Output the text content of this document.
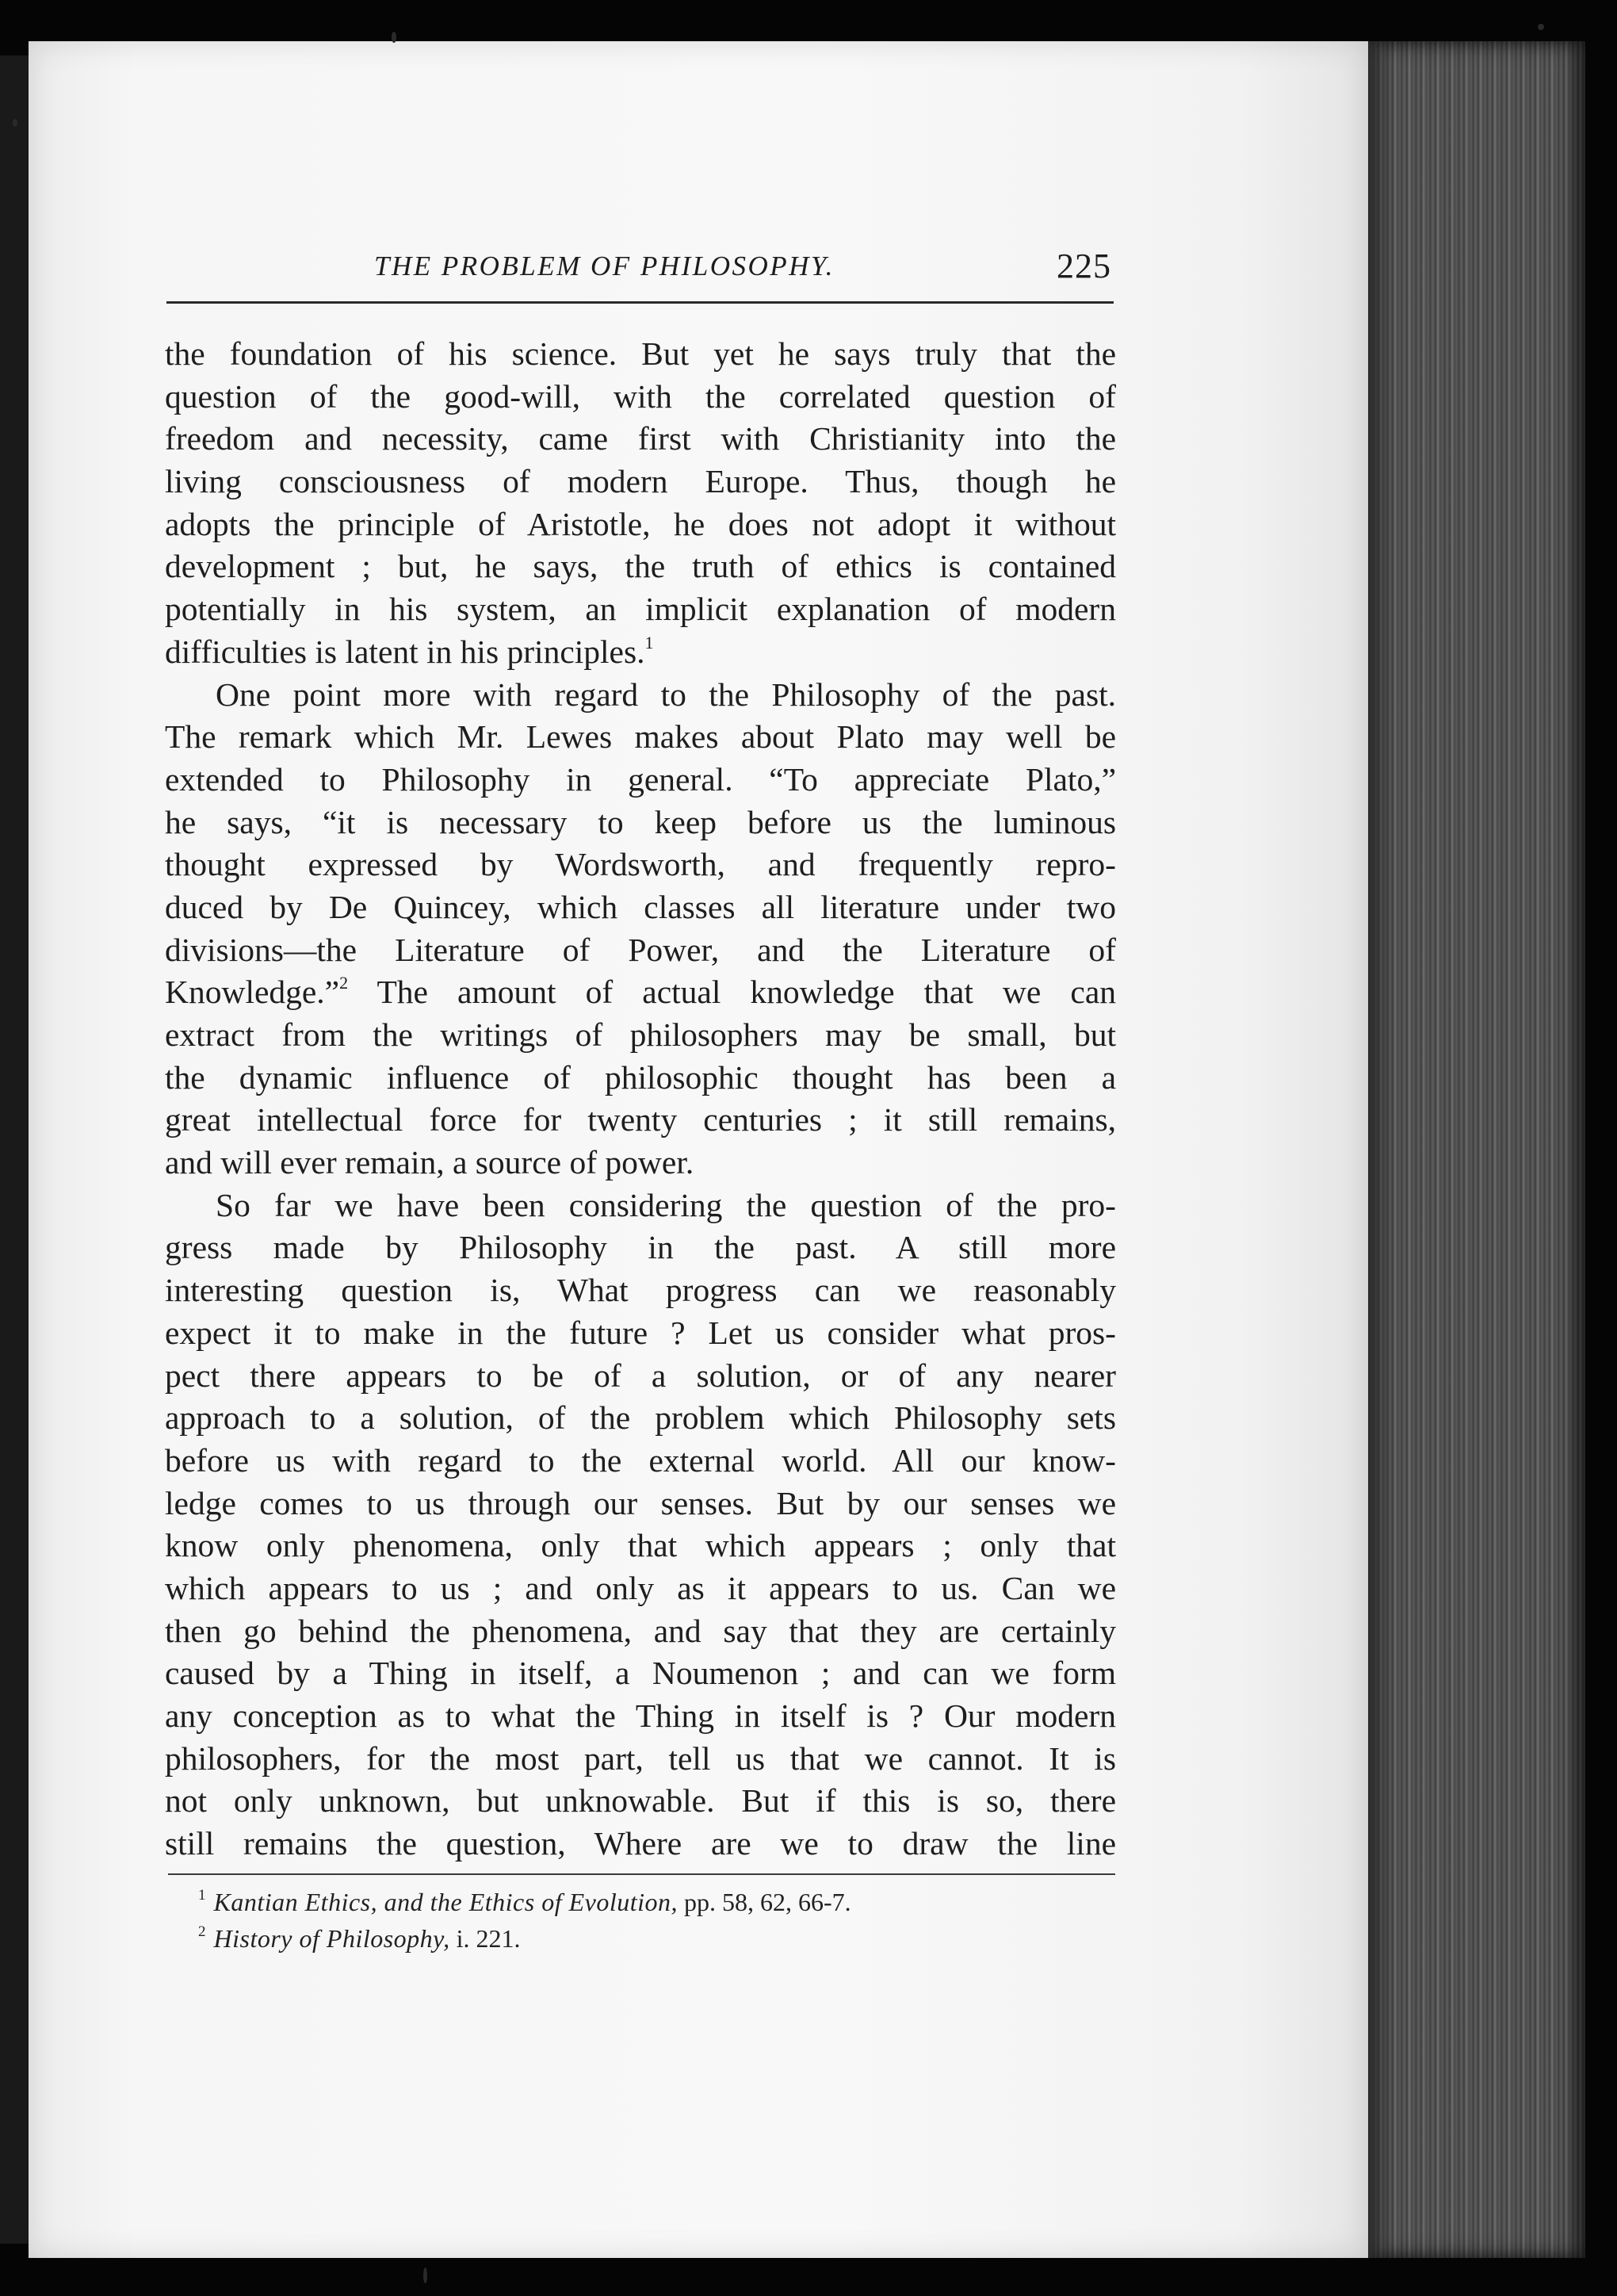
THE PROBLEM OF PHILOSOPHY.	225
the foundation of his science. But yet he says truly that the
question of the good-will, with the correlated question of
freedom and necessity, came first with Christianity into the
living consciousness of modern Europe. Thus, though he
adopts the principle of Aristotle, he does not adopt it without
development ; but, he says, the truth of ethics is contained
potentially in his system, an implicit explanation of modern
difficulties is latent in his principles.$^1$
One point more with regard to the Philosophy of the past.
The remark which Mr. Lewes makes about Plato may well be
extended to Philosophy in general. “To appreciate Plato,”
he says, “it is necessary to keep before us the luminous
thought expressed by Wordsworth, and frequently repro-
duced by De Quincey, which classes all literature under two
divisions—the Literature of Power, and the Literature of
Knowledge.”$^2$ The amount of actual knowledge that we can
extract from the writings of philosophers may be small, but
the dynamic influence of philosophic thought has been a
great intellectual force for twenty centuries ; it still remains,
and will ever remain, a source of power.
So far we have been considering the question of the pro-
gress made by Philosophy in the past. A still more
interesting question is, What progress can we reasonably
expect it to make in the future ? Let us consider what pros-
pect there appears to be of a solution, or of any nearer
approach to a solution, of the problem which Philosophy sets
before us with regard to the external world. All our know-
ledge comes to us through our senses. But by our senses we
know only phenomena, only that which appears ; only that
which appears to us ; and only as it appears to us. Can we
then go behind the phenomena, and say that they are certainly
caused by a Thing in itself, a Noumenon ; and can we form
any conception as to what the Thing in itself is ? Our modern
philosophers, for the most part, tell us that we cannot. It is
not only unknown, but unknowable. But if this is so, there
still remains the question, Where are we to draw the line
$^1$ Kantian Ethics, and the Ethics of Evolution, pp. 58, 62, 66-7.
$^2$ History of Philosophy, i. 221.
